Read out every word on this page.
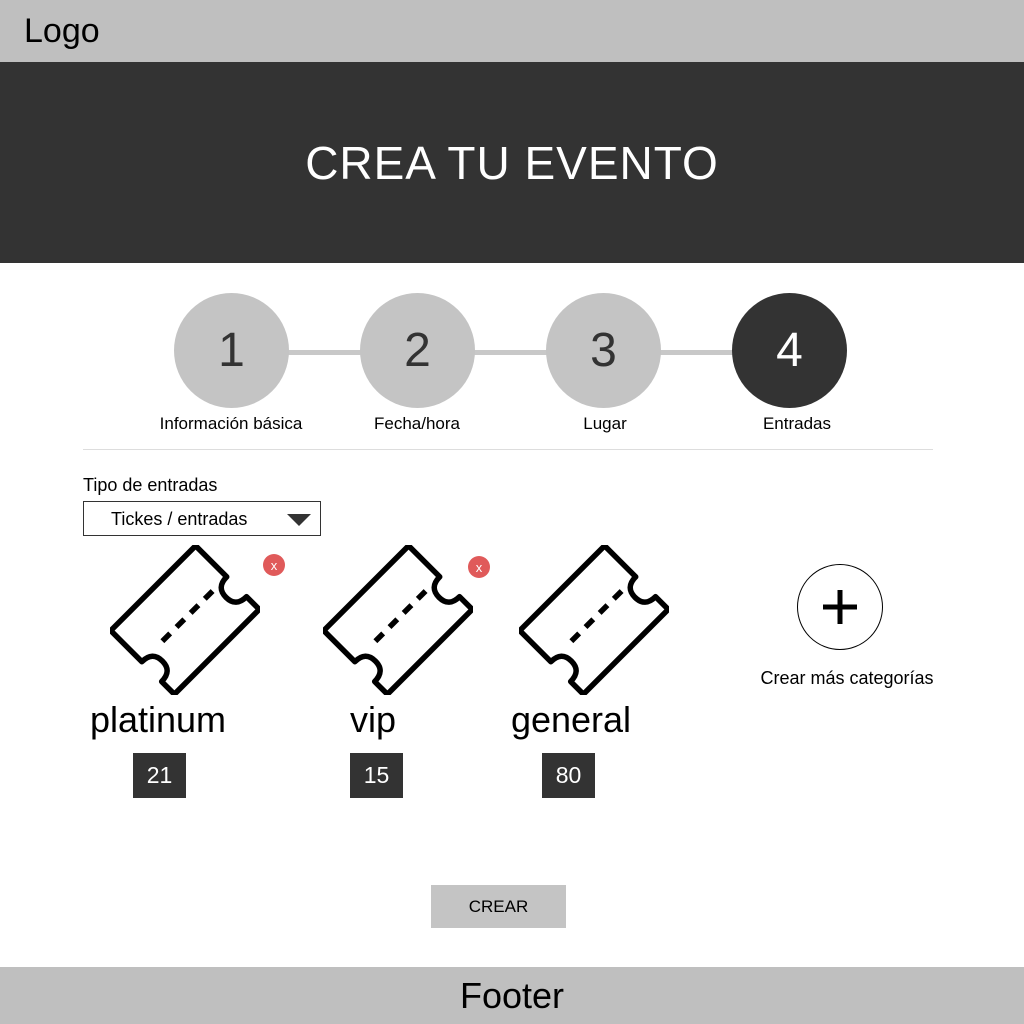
Logo
CREA TU EVENTO
1	2	3	4
Información básica	Fecha/hora	Lugar	Entradas
Tipo de entradas
Tickes / entradas
x
platinum
21
x
vip
15
general
80
Crear más categorías
CREAR
Footer
